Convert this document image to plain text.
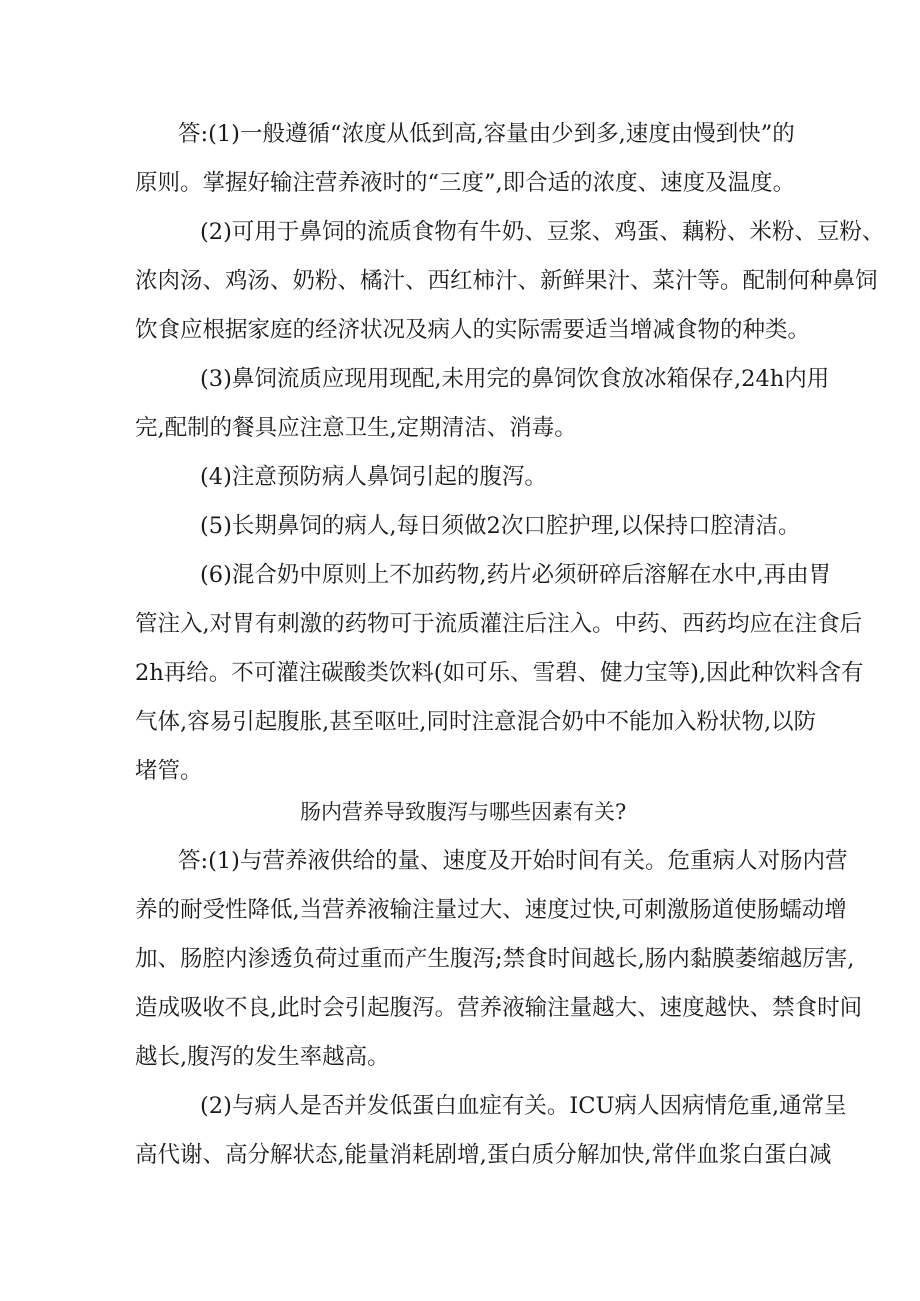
答:(1)一般遵循“浓度从低到高,容量由少到多,速度由慢到快”的
原则。掌握好输注营养液时的“三度”,即合适的浓度、速度及温度。
(2)可用于鼻饲的流质食物有牛奶、豆浆、鸡蛋、藕粉、米粉、豆粉、
浓肉汤、鸡汤、奶粉、橘汁、西红柿汁、新鲜果汁、菜汁等。配制何种鼻饲
饮食应根据家庭的经济状况及病人的实际需要适当增减食物的种类。
(3)鼻饲流质应现用现配,未用完的鼻饲饮食放冰箱保存,24h内用
完,配制的餐具应注意卫生,定期清洁、消毒。
(4)注意预防病人鼻饲引起的腹泻。
(5)长期鼻饲的病人,每日须做2次口腔护理,以保持口腔清洁。
(6)混合奶中原则上不加药物,药片必须研碎后溶解在水中,再由胃
管注入,对胃有刺激的药物可于流质灌注后注入。中药、西药均应在注食后
2h再给。不可灌注碳酸类饮料(如可乐、雪碧、健力宝等),因此种饮料含有
气体,容易引起腹胀,甚至呕吐,同时注意混合奶中不能加入粉状物,以防
堵管。
肠内营养导致腹泻与哪些因素有关?
答:(1)与营养液供给的量、速度及开始时间有关。危重病人对肠内营
养的耐受性降低,当营养液输注量过大、速度过快,可刺激肠道使肠蠕动增
加、肠腔内渗透负荷过重而产生腹泻;禁食时间越长,肠内黏膜萎缩越厉害,
造成吸收不良,此时会引起腹泻。营养液输注量越大、速度越快、禁食时间
越长,腹泻的发生率越高。
(2)与病人是否并发低蛋白血症有关。ICU病人因病情危重,通常呈
高代谢、高分解状态,能量消耗剧增,蛋白质分解加快,常伴血浆白蛋白减
